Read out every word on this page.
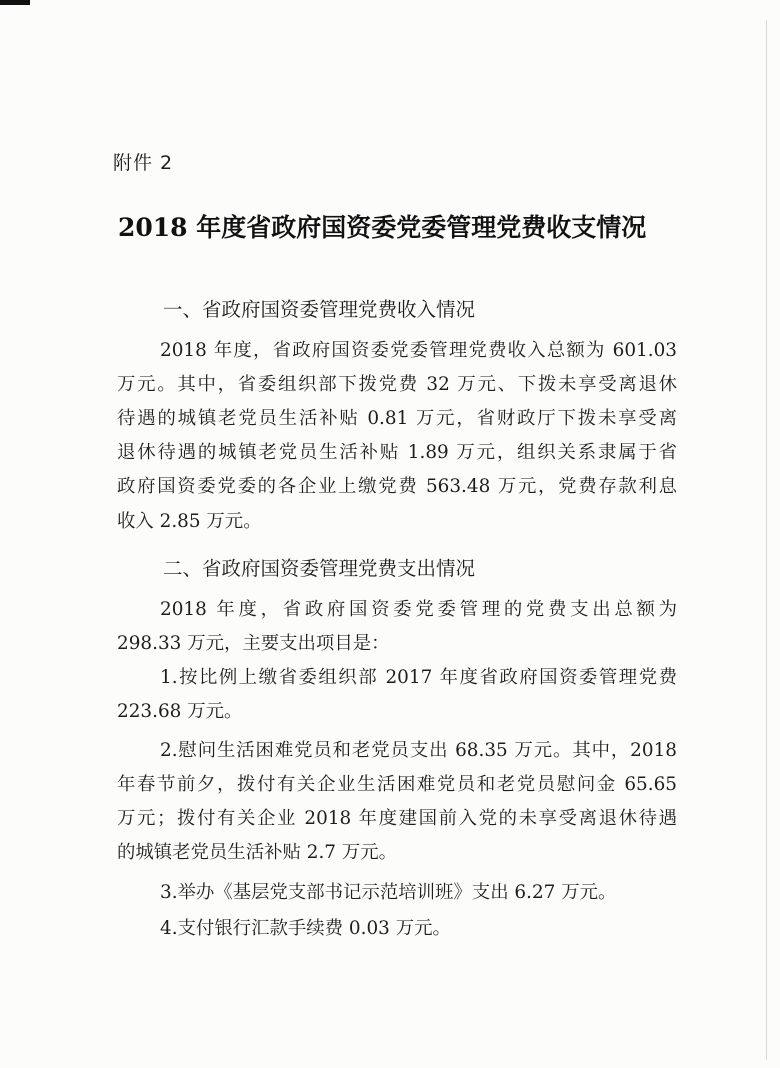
附件 2
2018 年度省政府国资委党委管理党费收支情况
一、省政府国资委管理党费收入情况
2018 年度，省政府国资委党委管理党费收入总额为 601.03
万元。其中，省委组织部下拨党费 32 万元、下拨未享受离退休
待遇的城镇老党员生活补贴 0.81 万元，省财政厅下拨未享受离
退休待遇的城镇老党员生活补贴 1.89 万元，组织关系隶属于省
政府国资委党委的各企业上缴党费 563.48 万元，党费存款利息
收入 2.85 万元。
二、省政府国资委管理党费支出情况
2018 年度，省政府国资委党委管理的党费支出总额为
298.33 万元，主要支出项目是：
1.按比例上缴省委组织部 2017 年度省政府国资委管理党费
223.68 万元。
2.慰问生活困难党员和老党员支出 68.35 万元。其中，2018
年春节前夕，拨付有关企业生活困难党员和老党员慰问金 65.65
万元；拨付有关企业 2018 年度建国前入党的未享受离退休待遇
的城镇老党员生活补贴 2.7 万元。
3.举办《基层党支部书记示范培训班》支出 6.27 万元。
4.支付银行汇款手续费 0.03 万元。
